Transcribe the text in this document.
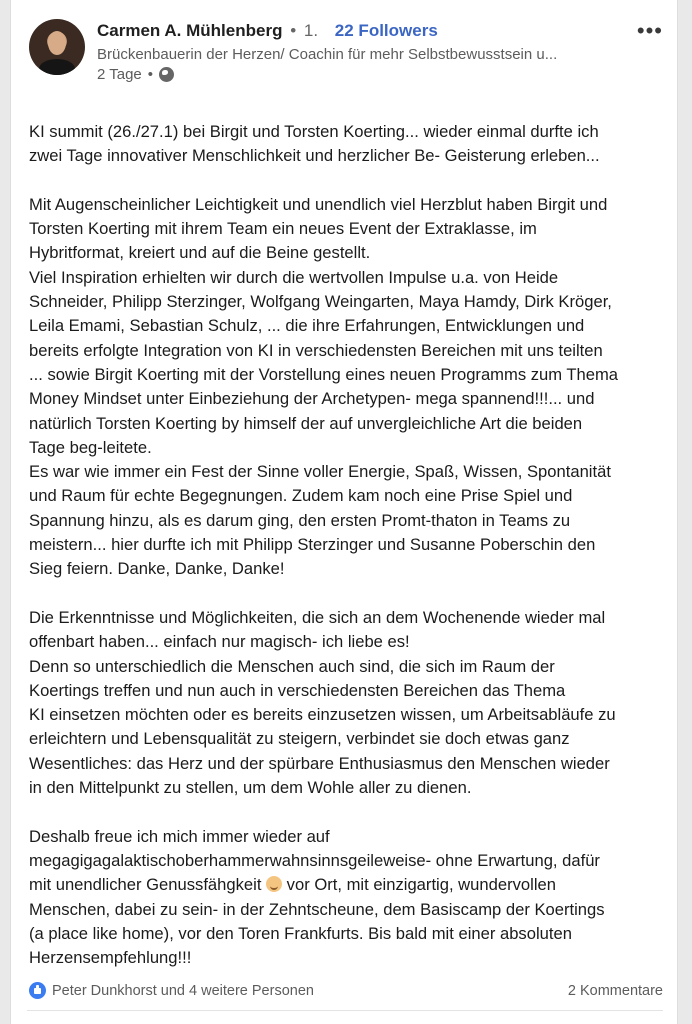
Carmen A. Mühlenberg • 1. 22 Followers
Brückenbauerin der Herzen/ Coachin für mehr Selbstbewusstsein u...
2 Tage •
•••
KI summit (26./27.1) bei Birgit und Torsten Koerting... wieder einmal durfte ich
zwei Tage innovativer Menschlichkeit und herzlicher Be- Geisterung erleben...
Mit Augenscheinlicher Leichtigkeit und unendlich viel Herzblut haben Birgit und
Torsten Koerting mit ihrem Team ein neues Event der Extraklasse, im
Hybritformat, kreiert und auf die Beine gestellt.
Viel Inspiration erhielten wir durch die wertvollen Impulse u.a. von Heide
Schneider, Philipp Sterzinger, Wolfgang Weingarten, Maya Hamdy, Dirk Kröger,
Leila Emami, Sebastian Schulz, ... die ihre Erfahrungen, Entwicklungen und
bereits erfolgte Integration von KI in verschiedensten Bereichen mit uns teilten
... sowie Birgit Koerting mit der Vorstellung eines neuen Programms zum Thema
Money Mindset unter Einbeziehung der Archetypen- mega spannend!!!... und
natürlich Torsten Koerting by himself der auf unvergleichliche Art die beiden
Tage beg-leitete.
Es war wie immer ein Fest der Sinne voller Energie, Spaß, Wissen, Spontanität
und Raum für echte Begegnungen. Zudem kam noch eine Prise Spiel und
Spannung hinzu, als es darum ging, den ersten Promt-thaton in Teams zu
meistern... hier durfte ich mit Philipp Sterzinger und Susanne Poberschin den
Sieg feiern. Danke, Danke, Danke!
Die Erkenntnisse und Möglichkeiten, die sich an dem Wochenende wieder mal
offenbart haben... einfach nur magisch- ich liebe es!
Denn so unterschiedlich die Menschen auch sind, die sich im Raum der
Koertings treffen und nun auch in verschiedensten Bereichen das Thema
KI einsetzen möchten oder es bereits einzusetzen wissen, um Arbeitsabläufe zu
erleichtern und Lebensqualität zu steigern, verbindet sie doch etwas ganz
Wesentliches: das Herz und der spürbare Enthusiasmus den Menschen wieder
in den Mittelpunkt zu stellen, um dem Wohle aller zu dienen.
Deshalb freue ich mich immer wieder auf
megagigagalaktischoberhammerwahnsinnsgeileweise- ohne Erwartung, dafür
mit unendlicher Genussfähgkeit  vor Ort, mit einzigartig, wundervollen
Menschen, dabei zu sein- in der Zehntscheune, dem Basiscamp der Koertings
(a place like home), vor den Toren Frankfurts. Bis bald mit einer absoluten
Herzensempfehlung!!!
Peter Dunkhorst und 4 weitere Personen	2 Kommentare
